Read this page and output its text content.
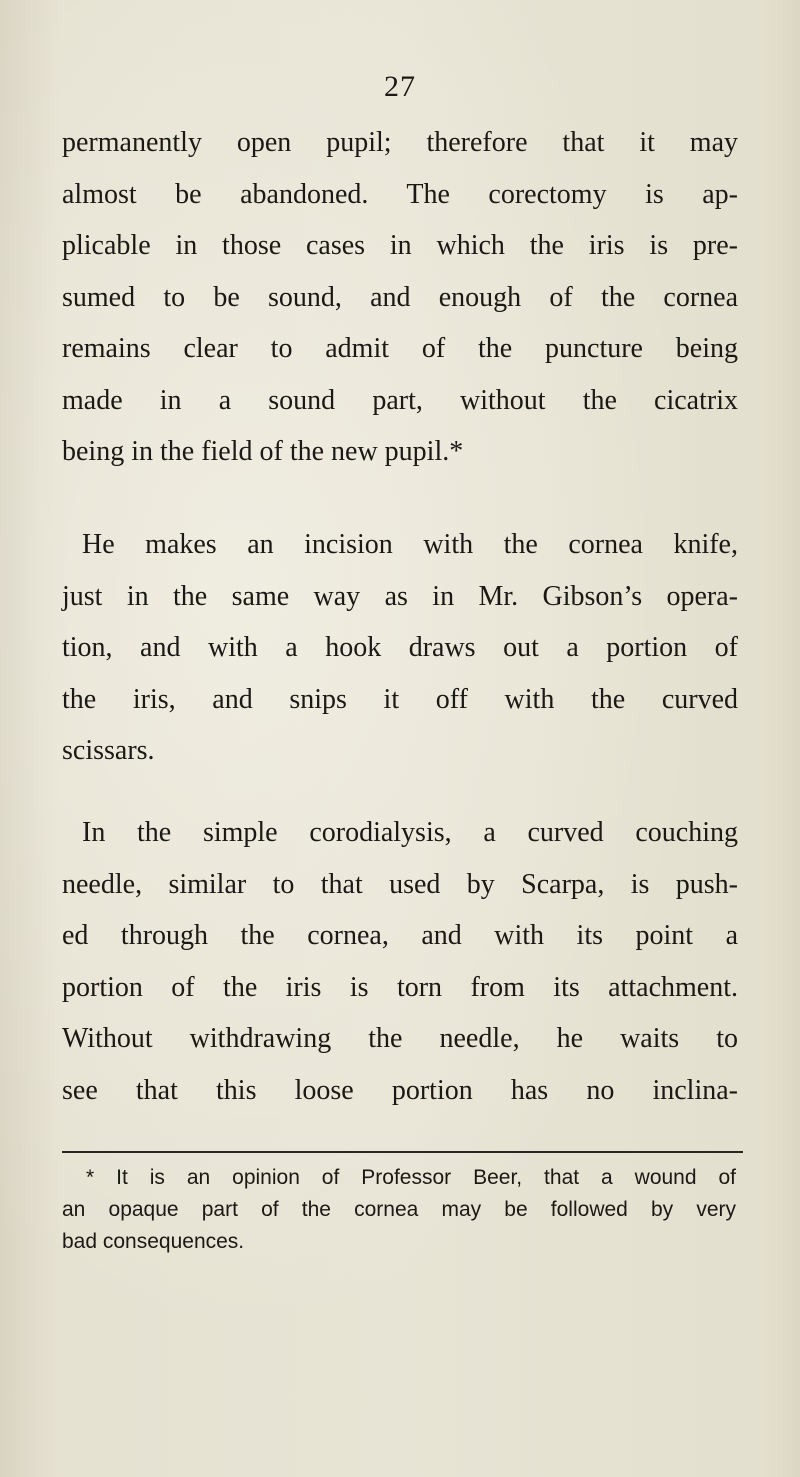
27

permanently open pupil; therefore that it may
almost be abandoned. The corectomy is ap-
plicable in those cases in which the iris is pre-
sumed to be sound, and enough of the cornea
remains clear to admit of the puncture being
made in a sound part, without the cicatrix
being in the field of the new pupil.*

He makes an incision with the cornea knife,
just in the same way as in Mr. Gibson’s opera-
tion, and with a hook draws out a portion of
the iris, and snips it off with the curved
scissars.

In the simple corodialysis, a curved couching
needle, similar to that used by Scarpa, is push-
ed through the cornea, and with its point a
portion of the iris is torn from its attachment.
Without withdrawing the needle, he waits to
see that this loose portion has no inclina-

* It is an opinion of Professor Beer, that a wound of
an opaque part of the cornea may be followed by very
bad consequences.
